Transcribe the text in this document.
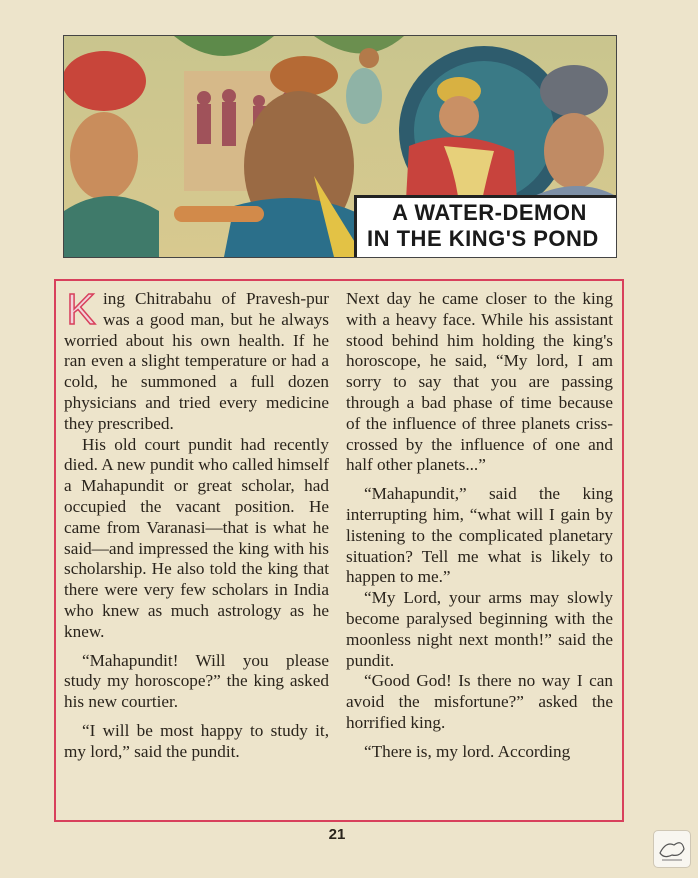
A WATER-DEMON
IN THE KING'S POND

King Chitrabahu of Pravesh-pur was a good man, but he always worried about his own health. If he ran even a slight temperature or had a cold, he summoned a full dozen physicians and tried every medicine they prescribed.

His old court pundit had recently died. A new pundit who called himself a Mahapundit or great scholar, had occupied the vacant position. He came from Varanasi—that is what he said—and impressed the king with his scholarship. He also told the king that there were very few scholars in India who knew as much astrology as he knew.

“Mahapundit! Will you please study my horoscope?” the king asked his new courtier.

“I will be most happy to study it, my lord,” said the pundit.

Next day he came closer to the king with a heavy face. While his assistant stood behind him holding the king's horoscope, he said, “My lord, I am sorry to say that you are passing through a bad phase of time because of the influence of three planets criss-crossed by the influence of one and half other planets...”

“Mahapundit,” said the king interrupting him, “what will I gain by listening to the complicated planetary situation? Tell me what is likely to happen to me.”

“My Lord, your arms may slowly become paralysed beginning with the moonless night next month!” said the pundit.

“Good God! Is there no way I can avoid the misfortune?” asked the horrified king.

“There is, my lord. According

21
